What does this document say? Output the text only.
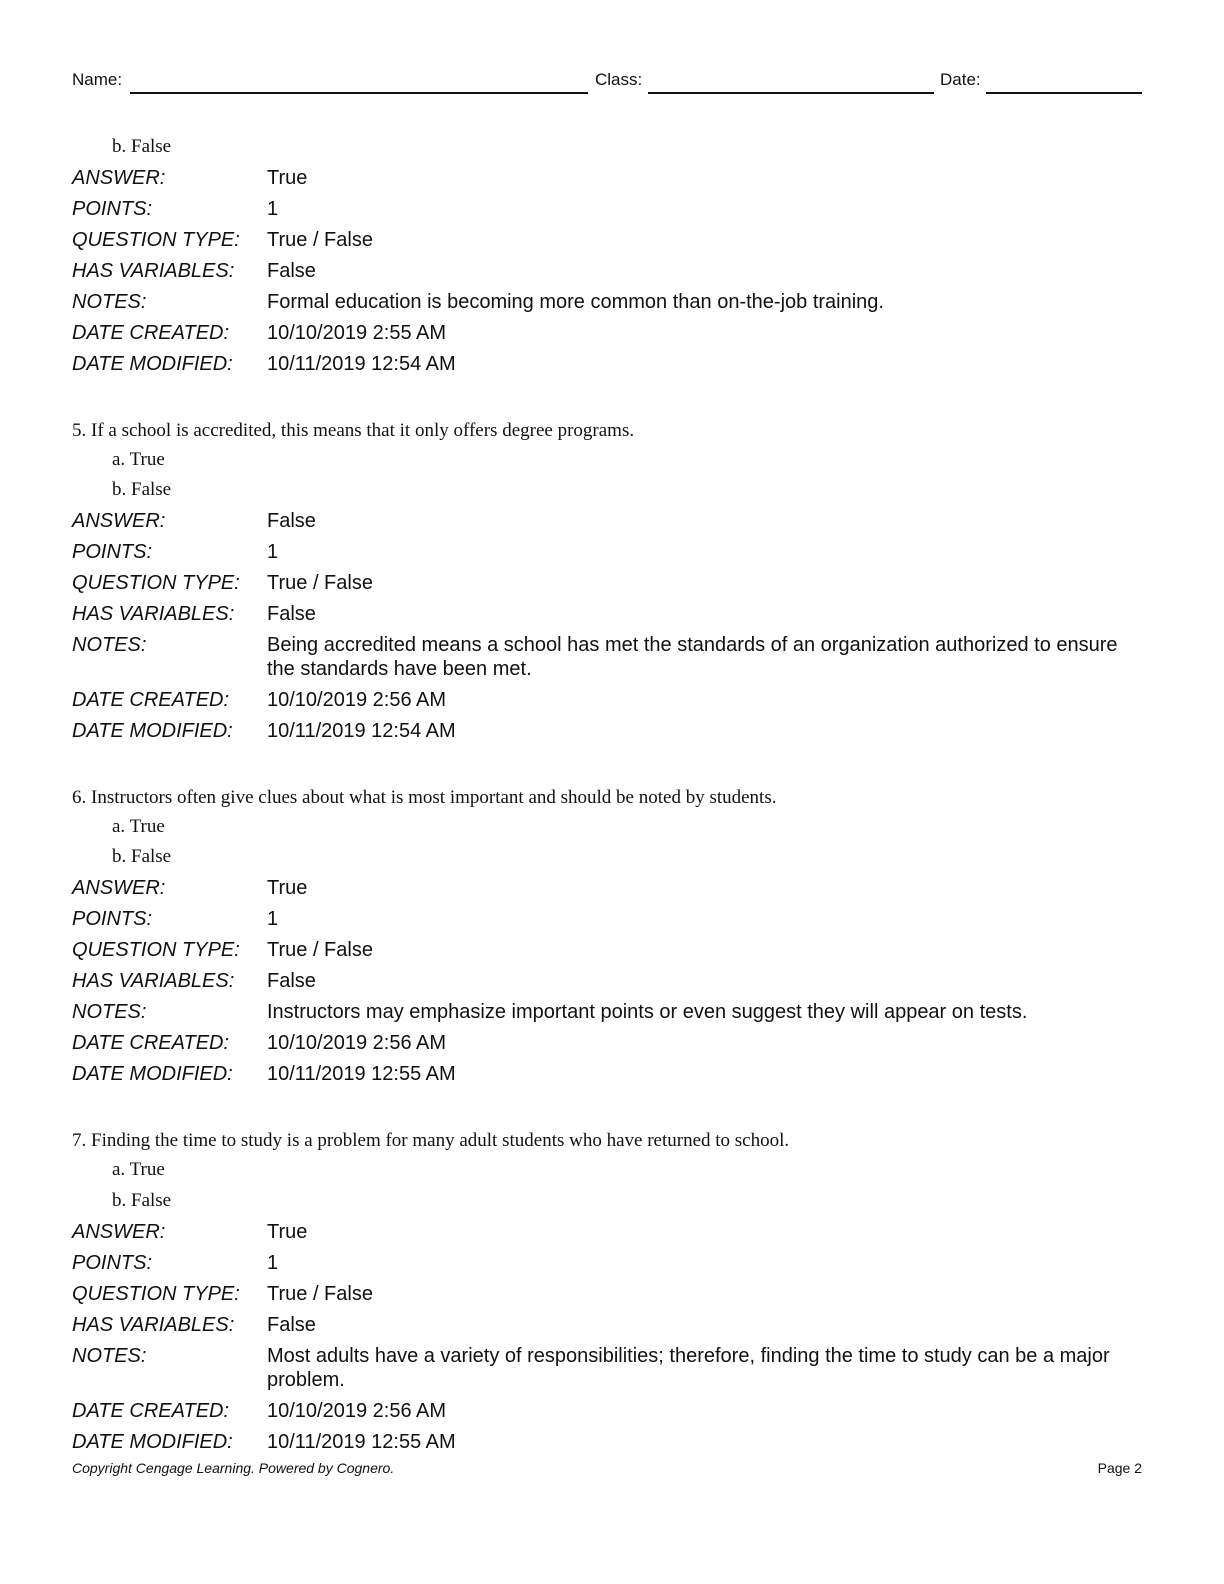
Name:	Class:	Date:
b. False
ANSWER:	True
POINTS:	1
QUESTION TYPE:	True / False
HAS VARIABLES:	False
NOTES:	Formal education is becoming more common than on-the-job training.
DATE CREATED:	10/10/2019 2:55 AM
DATE MODIFIED:	10/11/2019 12:54 AM
5. If a school is accredited, this means that it only offers degree programs.
a. True
b. False
ANSWER:	False
POINTS:	1
QUESTION TYPE:	True / False
HAS VARIABLES:	False
NOTES:	Being accredited means a school has met the standards of an organization authorized to ensure the standards have been met.
DATE CREATED:	10/10/2019 2:56 AM
DATE MODIFIED:	10/11/2019 12:54 AM
6. Instructors often give clues about what is most important and should be noted by students.
a. True
b. False
ANSWER:	True
POINTS:	1
QUESTION TYPE:	True / False
HAS VARIABLES:	False
NOTES:	Instructors may emphasize important points or even suggest they will appear on tests.
DATE CREATED:	10/10/2019 2:56 AM
DATE MODIFIED:	10/11/2019 12:55 AM
7. Finding the time to study is a problem for many adult students who have returned to school.
a. True
b. False
ANSWER:	True
POINTS:	1
QUESTION TYPE:	True / False
HAS VARIABLES:	False
NOTES:	Most adults have a variety of responsibilities; therefore, finding the time to study can be a major problem.
DATE CREATED:	10/10/2019 2:56 AM
DATE MODIFIED:	10/11/2019 12:55 AM
Copyright Cengage Learning. Powered by Cognero.	Page 2
